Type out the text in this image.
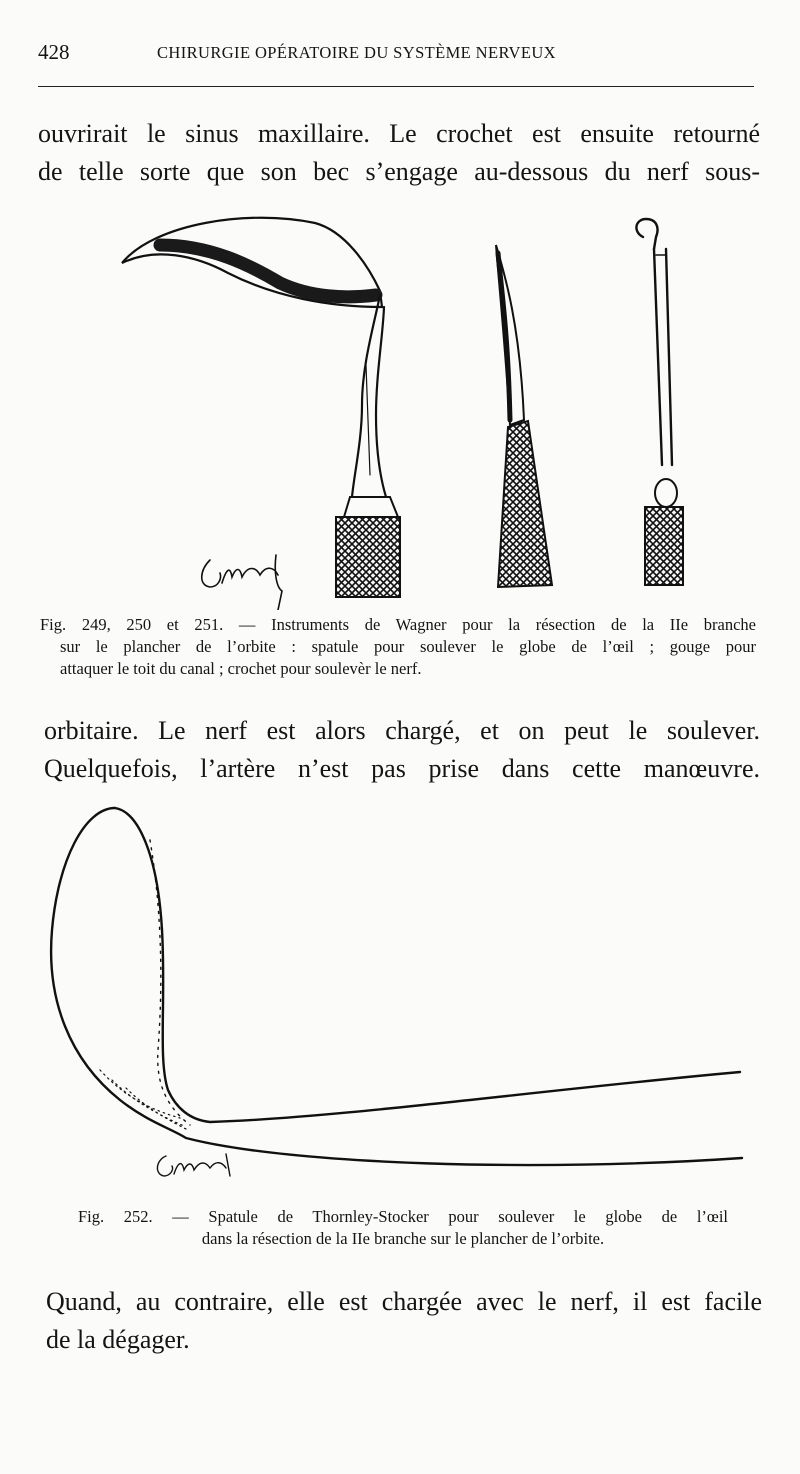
428	CHIRURGIE OPÉRATOIRE DU SYSTÈME NERVEUX
ouvrirait le sinus maxillaire. Le crochet est ensuite retourné
de telle sorte que son bec s’engage au-dessous du nerf sous-
Fig. 249, 250 et 251. — Instruments de Wagner pour la résection de la IIe branche
sur le plancher de l’orbite : spatule pour soulever le globe de l’œil ; gouge pour
attaquer le toit du canal ; crochet pour soulevèr le nerf.
orbitaire. Le nerf est alors chargé, et on peut le soulever.
Quelquefois, l’artère n’est pas prise dans cette manœuvre.
Fig. 252. — Spatule de Thornley-Stocker pour soulever le globe de l’œil
dans la résection de la IIe branche sur le plancher de l’orbite.
Quand, au contraire, elle est chargée avec le nerf, il est facile
de la dégager.
